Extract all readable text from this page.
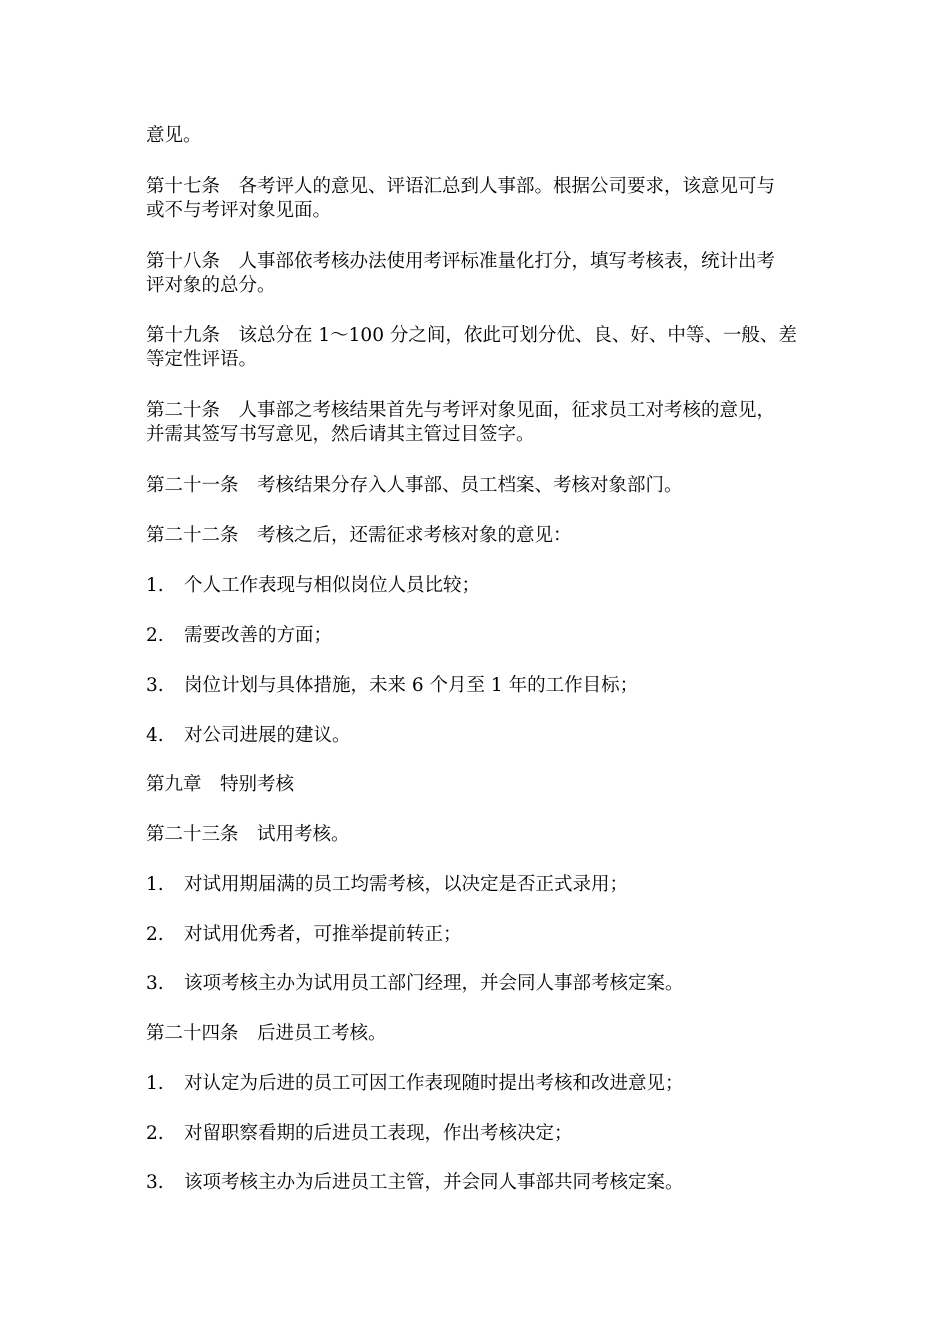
意见。
第十七条　各考评人的意见、评语汇总到人事部。根据公司要求，该意见可与
或不与考评对象见面。
第十八条　人事部依考核办法使用考评标准量化打分，填写考核表，统计出考
评对象的总分。
第十九条　该总分在 1～100 分之间，依此可划分优、良、好、中等、一般、差
等定性评语。
第二十条　人事部之考核结果首先与考评对象见面，征求员工对考核的意见，
并需其签写书写意见，然后请其主管过目签字。
第二十一条　考核结果分存入人事部、员工档案、考核对象部门。
第二十二条　考核之后，还需征求考核对象的意见：
1.	个人工作表现与相似岗位人员比较；
2.	需要改善的方面；
3.	岗位计划与具体措施，未来 6 个月至 1 年的工作目标；
4.	对公司进展的建议。
第九章　特别考核
第二十三条　试用考核。
1.	对试用期届满的员工均需考核，以决定是否正式录用；
2.	对试用优秀者，可推举提前转正；
3.	该项考核主办为试用员工部门经理，并会同人事部考核定案。
第二十四条　后进员工考核。
1.	对认定为后进的员工可因工作表现随时提出考核和改进意见；
2.	对留职察看期的后进员工表现，作出考核决定；
3.	该项考核主办为后进员工主管，并会同人事部共同考核定案。
